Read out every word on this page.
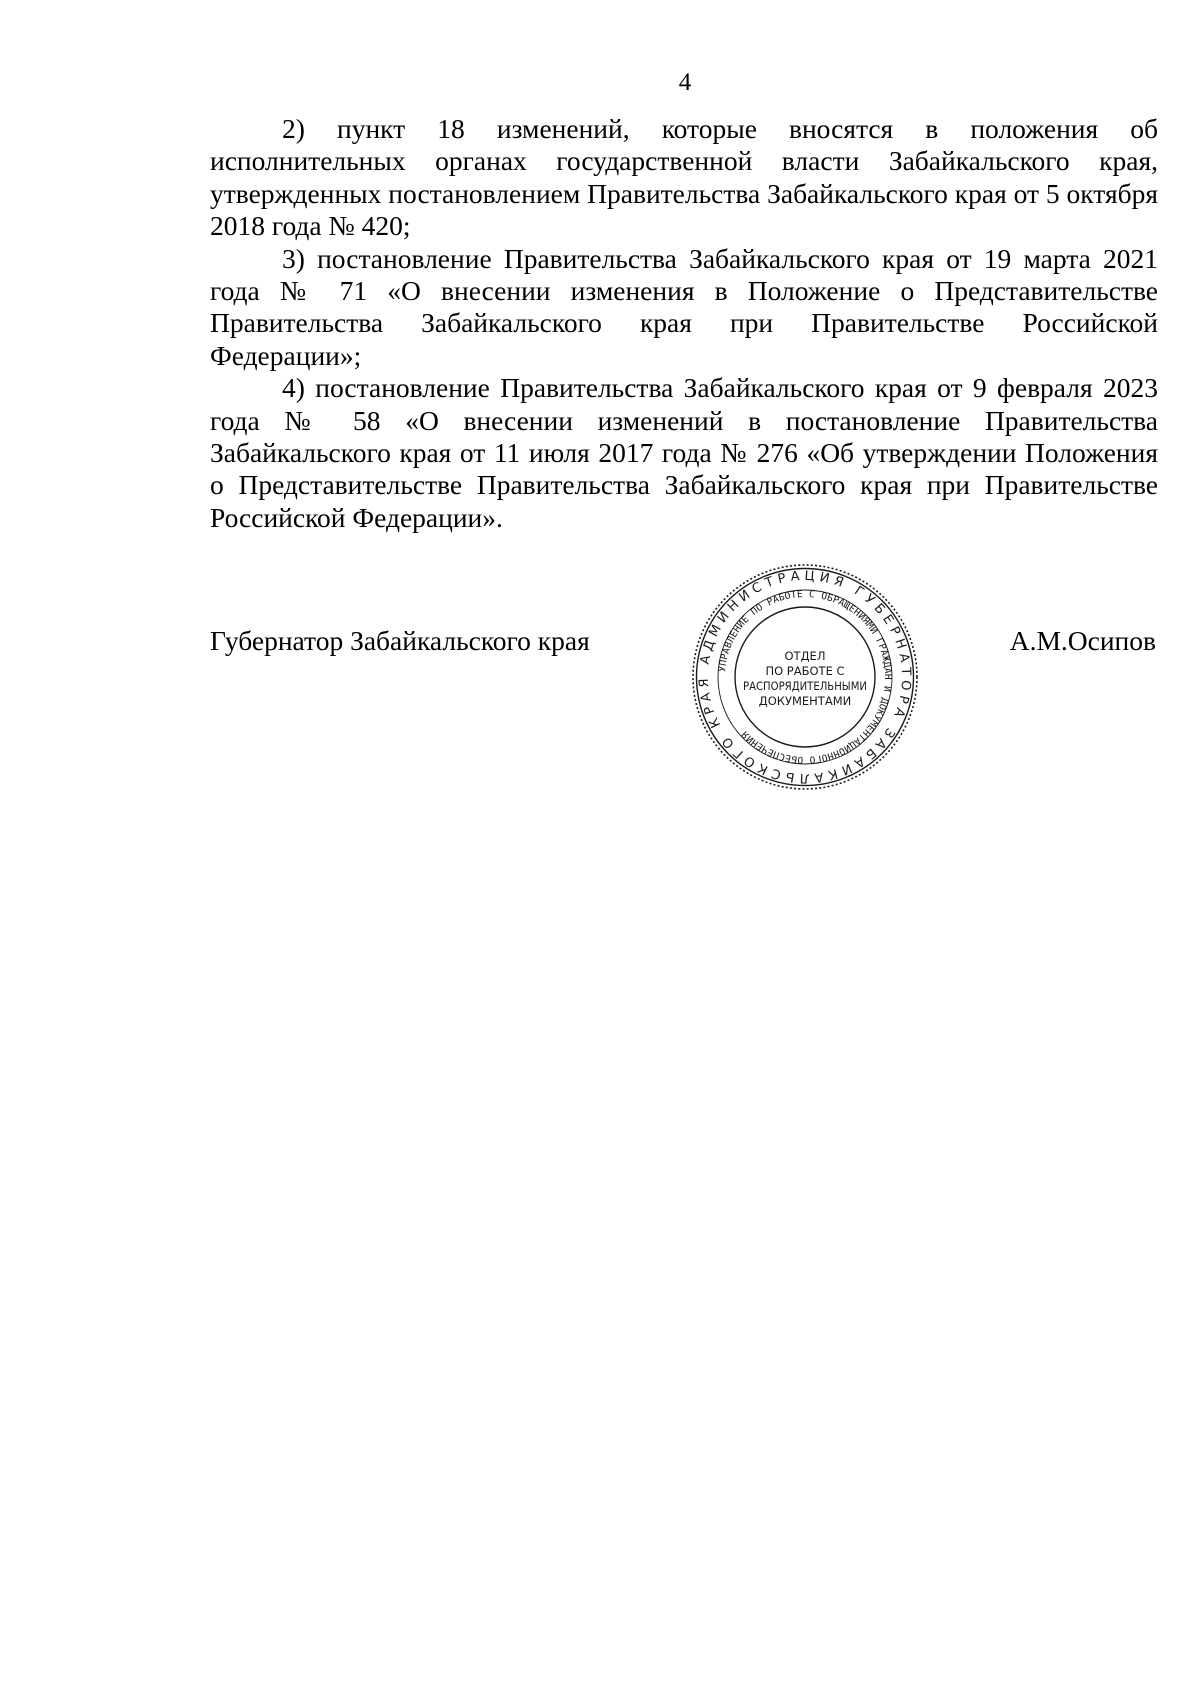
4

2) пункт 18 изменений, которые вносятся в положения об исполнительных органах государственной власти Забайкальского края, утвержденных постановлением Правительства Забайкальского края от 5 октября 2018 года № 420;

3) постановление Правительства Забайкальского края от 19 марта 2021 года № 71 «О внесении изменения в Положение о Представительстве Правительства Забайкальского края при Правительстве Российской Федерации»;

4) постановление Правительства Забайкальского края от 9 февраля 2023 года № 58 «О внесении изменений в постановление Правительства Забайкальского края от 11 июля 2017 года № 276 «Об утверждении Положения о Представительстве Правительства Забайкальского края при Правительстве Российской Федерации».

Губернатор Забайкальского края	А.М.Осипов
АДМИНИСТРАЦИЯ ГУБЕРНАТОРА ЗАБАЙКАЛЬСКОГО КРАЯ
УПРАВЛЕНИЕ ПО РАБОТЕ С ОБРАЩЕНИЯМИ ГРАЖДАН И ДОКУМЕНТАЦИОННОГО ОБЕСПЕЧЕНИЯ
ОТДЕЛ
ПО РАБОТЕ С
РАСПОРЯДИТЕЛЬНЫМИ
ДОКУМЕНТАМИ
